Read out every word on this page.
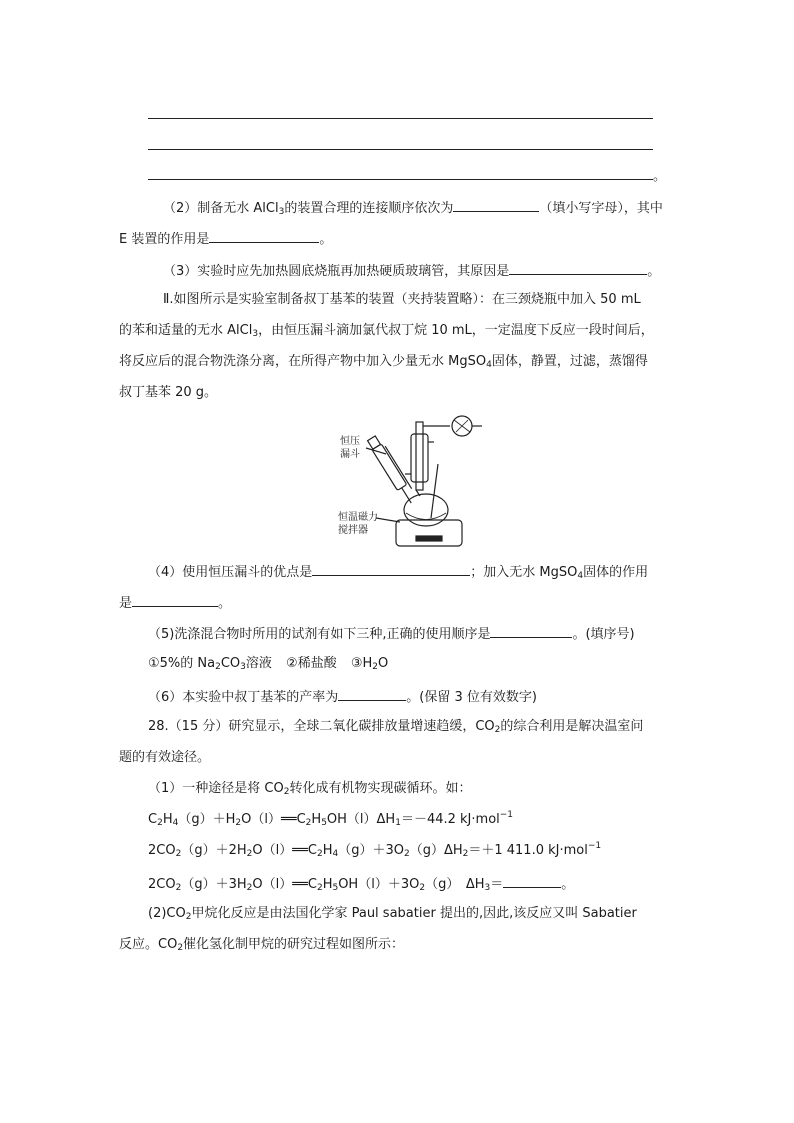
。
（2）制备无水 AlCl$_3$的装置合理的连接顺序依次为	（填小写字母），其中
E 装置的作用是	。
（3）实验时应先加热圆底烧瓶再加热硬质玻璃管，其原因是	。
Ⅱ.如图所示是实验室制备叔丁基苯的装置（夹持装置略）：在三颈烧瓶中加入 50 mL
的苯和适量的无水 AlCl$_3$，由恒压漏斗滴加氯代叔丁烷 10 mL，一定温度下反应一段时间后，
将反应后的混合物洗涤分离，在所得产物中加入少量无水 MgSO$_4$固体，静置，过滤，蒸馏得
叔丁基苯 20 g。
恒压
漏斗
恒温磁力
搅拌器
（4）使用恒压漏斗的优点是	；加入无水 MgSO$_4$固体的作用
是	。
（5)洗涤混合物时所用的试剂有如下三种,正确的使用顺序是	。(填序号)
①5%的 $Na_2CO_3$溶液 ②稀盐酸 $③H_2O$
（6）本实验中叔丁基苯的产率为	。(保留 3 位有效数字)
28.（15 分）研究显示，全球二氧化碳排放量增速趋缓，$CO_2$的综合利用是解决温室问
题的有效途径。
（1）一种途径是将 $CO_2$转化成有机物实现碳循环。如：
$C_2H_4(g)+H_2O(l)══C_2H_5OH(l)\Delta H_1=-44.2$ kJ·mol$^{-1}$
$2CO_2(g)+2H_2O(l)══C_2H_4(g)+3O_2(g)\Delta H_2=+1$ 411.0 kJ·mol$^{-1}$
$2CO_2(g)+3H_2O(l)══C_2H_5OH(l)+3O_2(g)$　$\Delta H_3=$	。
$(2)CO_2$甲烷化反应是由法国化学家 Paul sabatier 提出的,因此,该反应又叫 Sabatier
反应。$CO_2$催化氢化制甲烷的研究过程如图所示：
